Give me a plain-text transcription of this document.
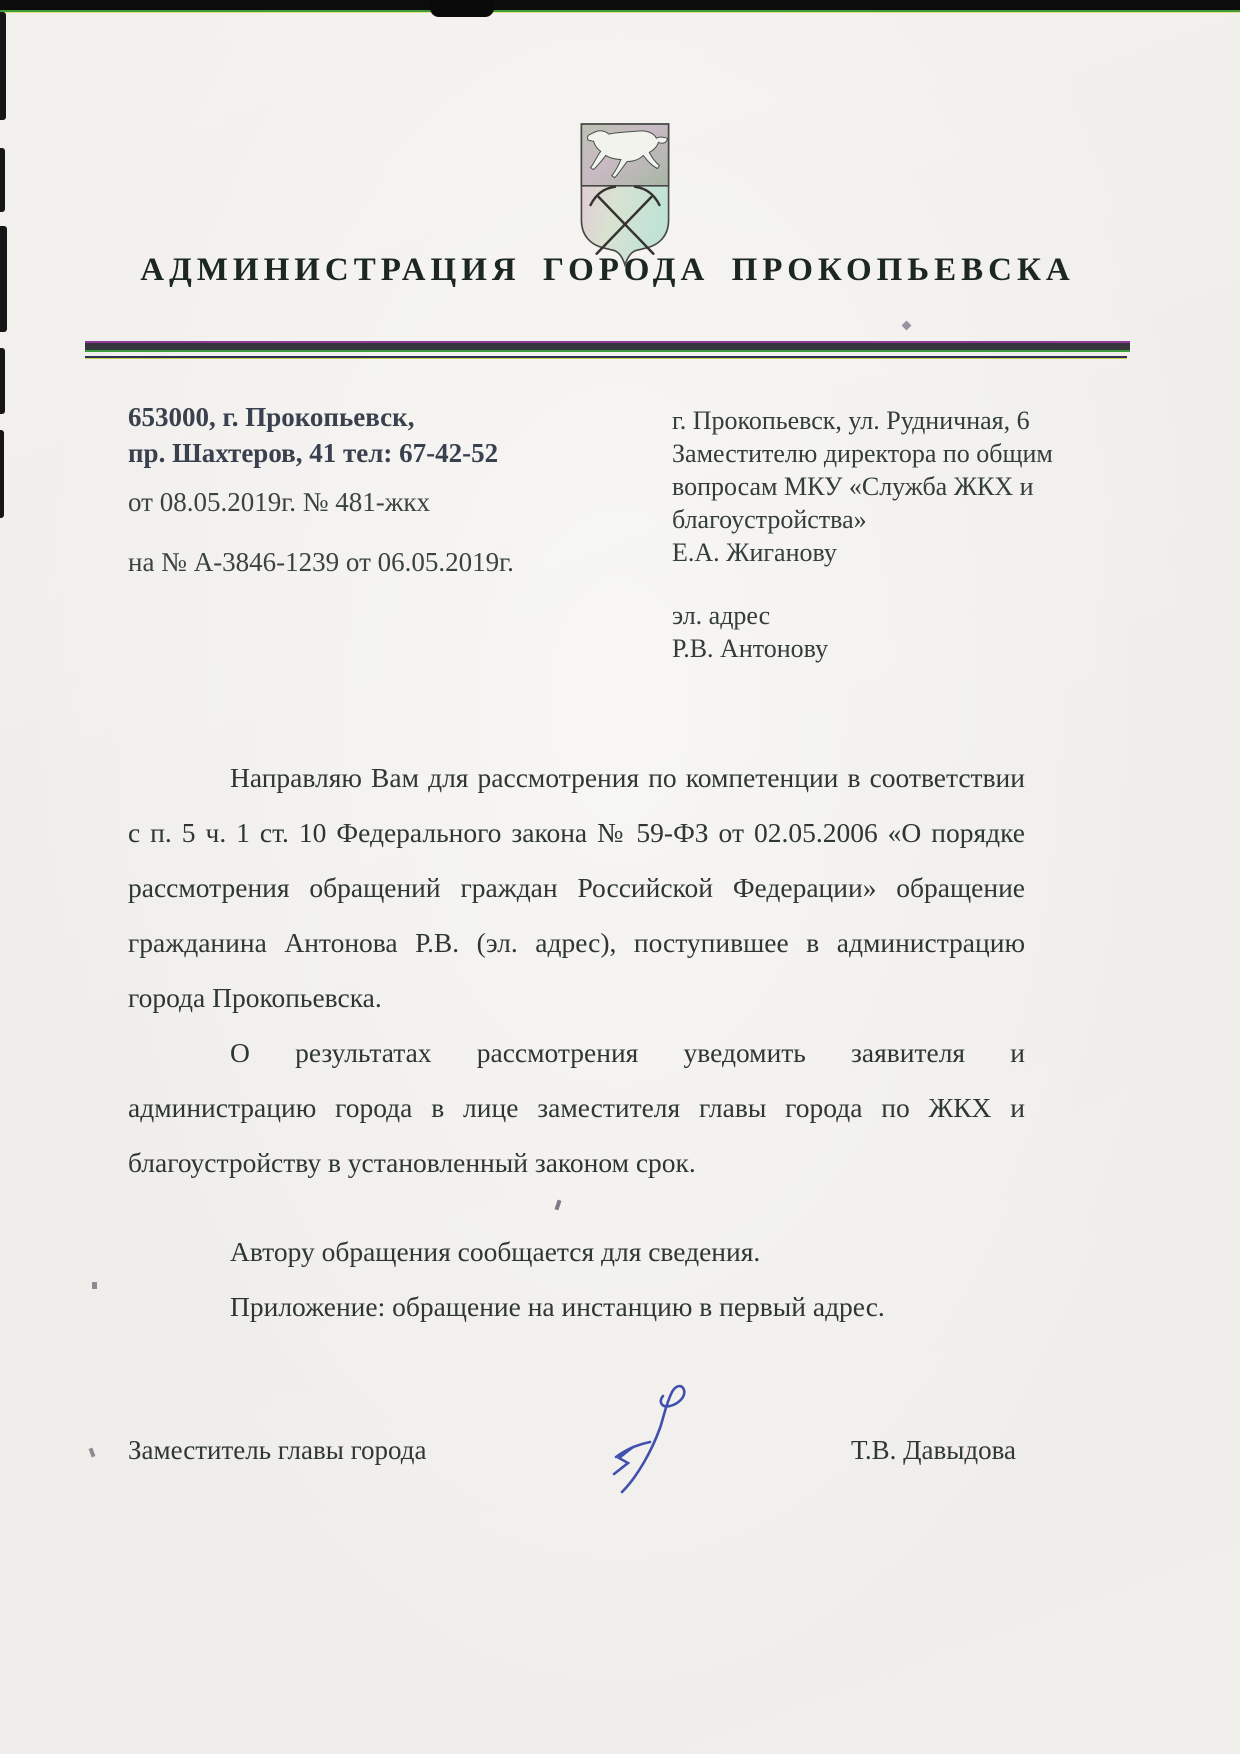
АДМИНИСТРАЦИЯ ГОРОДА ПРОКОПЬЕВСКА
653000, г. Прокопьевск,
пр. Шахтеров, 41 тел: 67-42-52
от 08.05.2019г. № 481-жкх
на № А-3846-1239 от 06.05.2019г.
г. Прокопьевск, ул. Рудничная, 6
Заместителю директора по общим
вопросам МКУ «Служба ЖКХ и
благоустройства»
Е.А. Жиганову
эл. адрес
Р.В. Антонову

Направляю Вам для рассмотрения по компетенции в соответствии с п. 5 ч. 1 ст. 10 Федерального закона № 59-ФЗ от 02.05.2006 «О порядке рассмотрения обращений граждан Российской Федерации» обращение гражданина Антонова Р.В. (эл. адрес), поступившее в администрацию города Прокопьевска.

О результатах рассмотрения уведомить заявителя и администрацию города в лице заместителя главы города по ЖКХ и благоустройству в установленный законом срок.

Автору обращения сообщается для сведения.

Приложение: обращение на инстанцию в первый адрес.

Заместитель главы города	Т.В. Давыдова
